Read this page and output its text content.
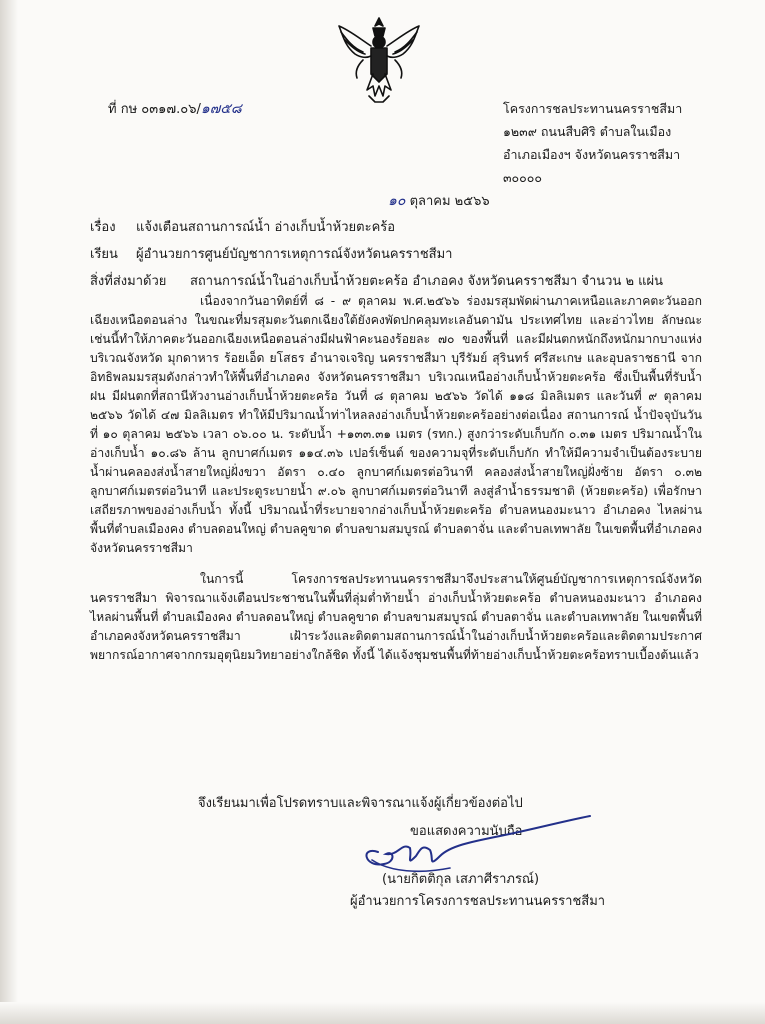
ที่ กษ ๐๓๑๗.๐๖/๑๗๕๘	โครงการชลประทานนครราชสีมา
๑๒๓๙ ถนนสืบศิริ ตำบลในเมือง
อำเภอเมืองฯ จังหวัดนครราชสีมา
๓๐๐๐๐
๑๐ ตุลาคม ๒๕๖๖
เรื่อง แจ้งเตือนสถานการณ์น้ำ อ่างเก็บน้ำห้วยตะคร้อ
เรียน ผู้อำนวยการศูนย์บัญชาการเหตุการณ์จังหวัดนครราชสีมา
สิ่งที่ส่งมาด้วย สถานการณ์น้ำในอ่างเก็บน้ำห้วยตะคร้อ อำเภอคง จังหวัดนครราชสีมา จำนวน ๒ แผ่น

เนื่องจากวันอาทิตย์ที่ ๘ - ๙ ตุลาคม พ.ศ.๒๕๖๖ ร่องมรสุมพัดผ่านภาคเหนือและภาคตะวันออกเฉียงเหนือตอนล่าง ในขณะที่มรสุมตะวันตกเฉียงใต้ยังคงพัดปกคลุมทะเลอันดามัน ประเทศไทย และอ่าวไทย ลักษณะเช่นนี้ทำให้ภาคตะวันออกเฉียงเหนือตอนล่างมีฝนฟ้าคะนองร้อยละ ๗๐ ของพื้นที่ และมีฝนตกหนักถึงหนักมากบางแห่ง บริเวณจังหวัด มุกดาหาร ร้อยเอ็ด ยโสธร อำนาจเจริญ นครราชสีมา บุรีรัมย์ สุรินทร์ ศรีสะเกษ และอุบลราชธานี จากอิทธิพลมมรสุมดังกล่าวทำให้พื้นที่อำเภอคง จังหวัดนครราชสีมา บริเวณเหนืออ่างเก็บน้ำห้วยตะคร้อ ซึ่งเป็นพื้นที่รับน้ำฝน มีฝนตกที่สถานีหัวงานอ่างเก็บน้ำห้วยตะคร้อ วันที่ ๘ ตุลาคม ๒๕๖๖ วัดได้ ๑๑๘ มิลลิเมตร และวันที่ ๙ ตุลาคม ๒๕๖๖ วัดได้ ๔๗ มิลลิเมตร ทำให้มีปริมาณน้ำท่าไหลลงอ่างเก็บน้ำห้วยตะคร้ออย่างต่อเนื่อง สถานการณ์ น้ำปัจจุบันวันที่ ๑๐ ตุลาคม ๒๕๖๖ เวลา ๐๖.๐๐ น. ระดับน้ำ +๑๓๓.๓๑ เมตร (รทก.) สูงกว่าระดับเก็บกัก ๐.๓๑ เมตร ปริมาณน้ำในอ่างเก็บน้ำ ๑๐.๘๖ ล้าน ลูกบาศก์เมตร ๑๑๔.๓๖ เปอร์เซ็นต์ ของความจุที่ระดับเก็บกัก ทำให้มีความจำเป็นต้องระบายน้ำผ่านคลองส่งน้ำสายใหญ่ฝั่งขวา อัตรา ๐.๔๐ ลูกบาศก์เมตรต่อวินาที คลองส่งน้ำสายใหญ่ฝั่งซ้าย อัตรา ๐.๓๒ ลูกบาศก์เมตรต่อวินาที และประตูระบายน้ำ ๙.๐๖ ลูกบาศก์เมตรต่อวินาที ลงสู่ลำน้ำธรรมชาติ (ห้วยตะคร้อ) เพื่อรักษาเสถียรภาพของอ่างเก็บน้ำ ทั้งนี้ ปริมาณน้ำที่ระบายจากอ่างเก็บน้ำห้วยตะคร้อ ตำบลหนองมะนาว อำเภอคง ไหลผ่านพื้นที่ตำบลเมืองคง ตำบลดอนใหญ่ ตำบลคูขาด ตำบลขามสมบูรณ์ ตำบลตาจั่น และตำบลเทพาลัย ในเขตพื้นที่อำเภอคง จังหวัดนครราชสีมา

ในการนี้ โครงการชลประทานนครราชสีมาจึงประสานให้ศูนย์บัญชาการเหตุการณ์จังหวัดนครราชสีมา พิจารณาแจ้งเตือนประชาชนในพื้นที่ลุ่มต่ำท้ายน้ำ อ่างเก็บน้ำห้วยตะคร้อ ตำบลหนองมะนาว อำเภอคง ไหลผ่านพื้นที่ ตำบลเมืองคง ตำบลดอนใหญ่ ตำบลคูขาด ตำบลขามสมบูรณ์ ตำบลตาจั่น และตำบลเทพาลัย ในเขตพื้นที่อำเภอคงจังหวัดนครราชสีมา เฝ้าระวังและติดตามสถานการณ์น้ำในอ่างเก็บน้ำห้วยตะคร้อและติดตามประกาศพยากรณ์อากาศจากกรมอุตุนิยมวิทยาอย่างใกล้ชิด ทั้งนี้ ได้แจ้งชุมชนพื้นที่ท้ายอ่างเก็บน้ำห้วยตะคร้อทราบเบื้องต้นแล้ว

จึงเรียนมาเพื่อโปรดทราบและพิจารณาแจ้งผู้เกี่ยวข้องต่อไป
ขอแสดงความนับถือ
(นายกิตติกุล เสภาศีราภรณ์)
ผู้อำนวยการโครงการชลประทานนครราชสีมา
